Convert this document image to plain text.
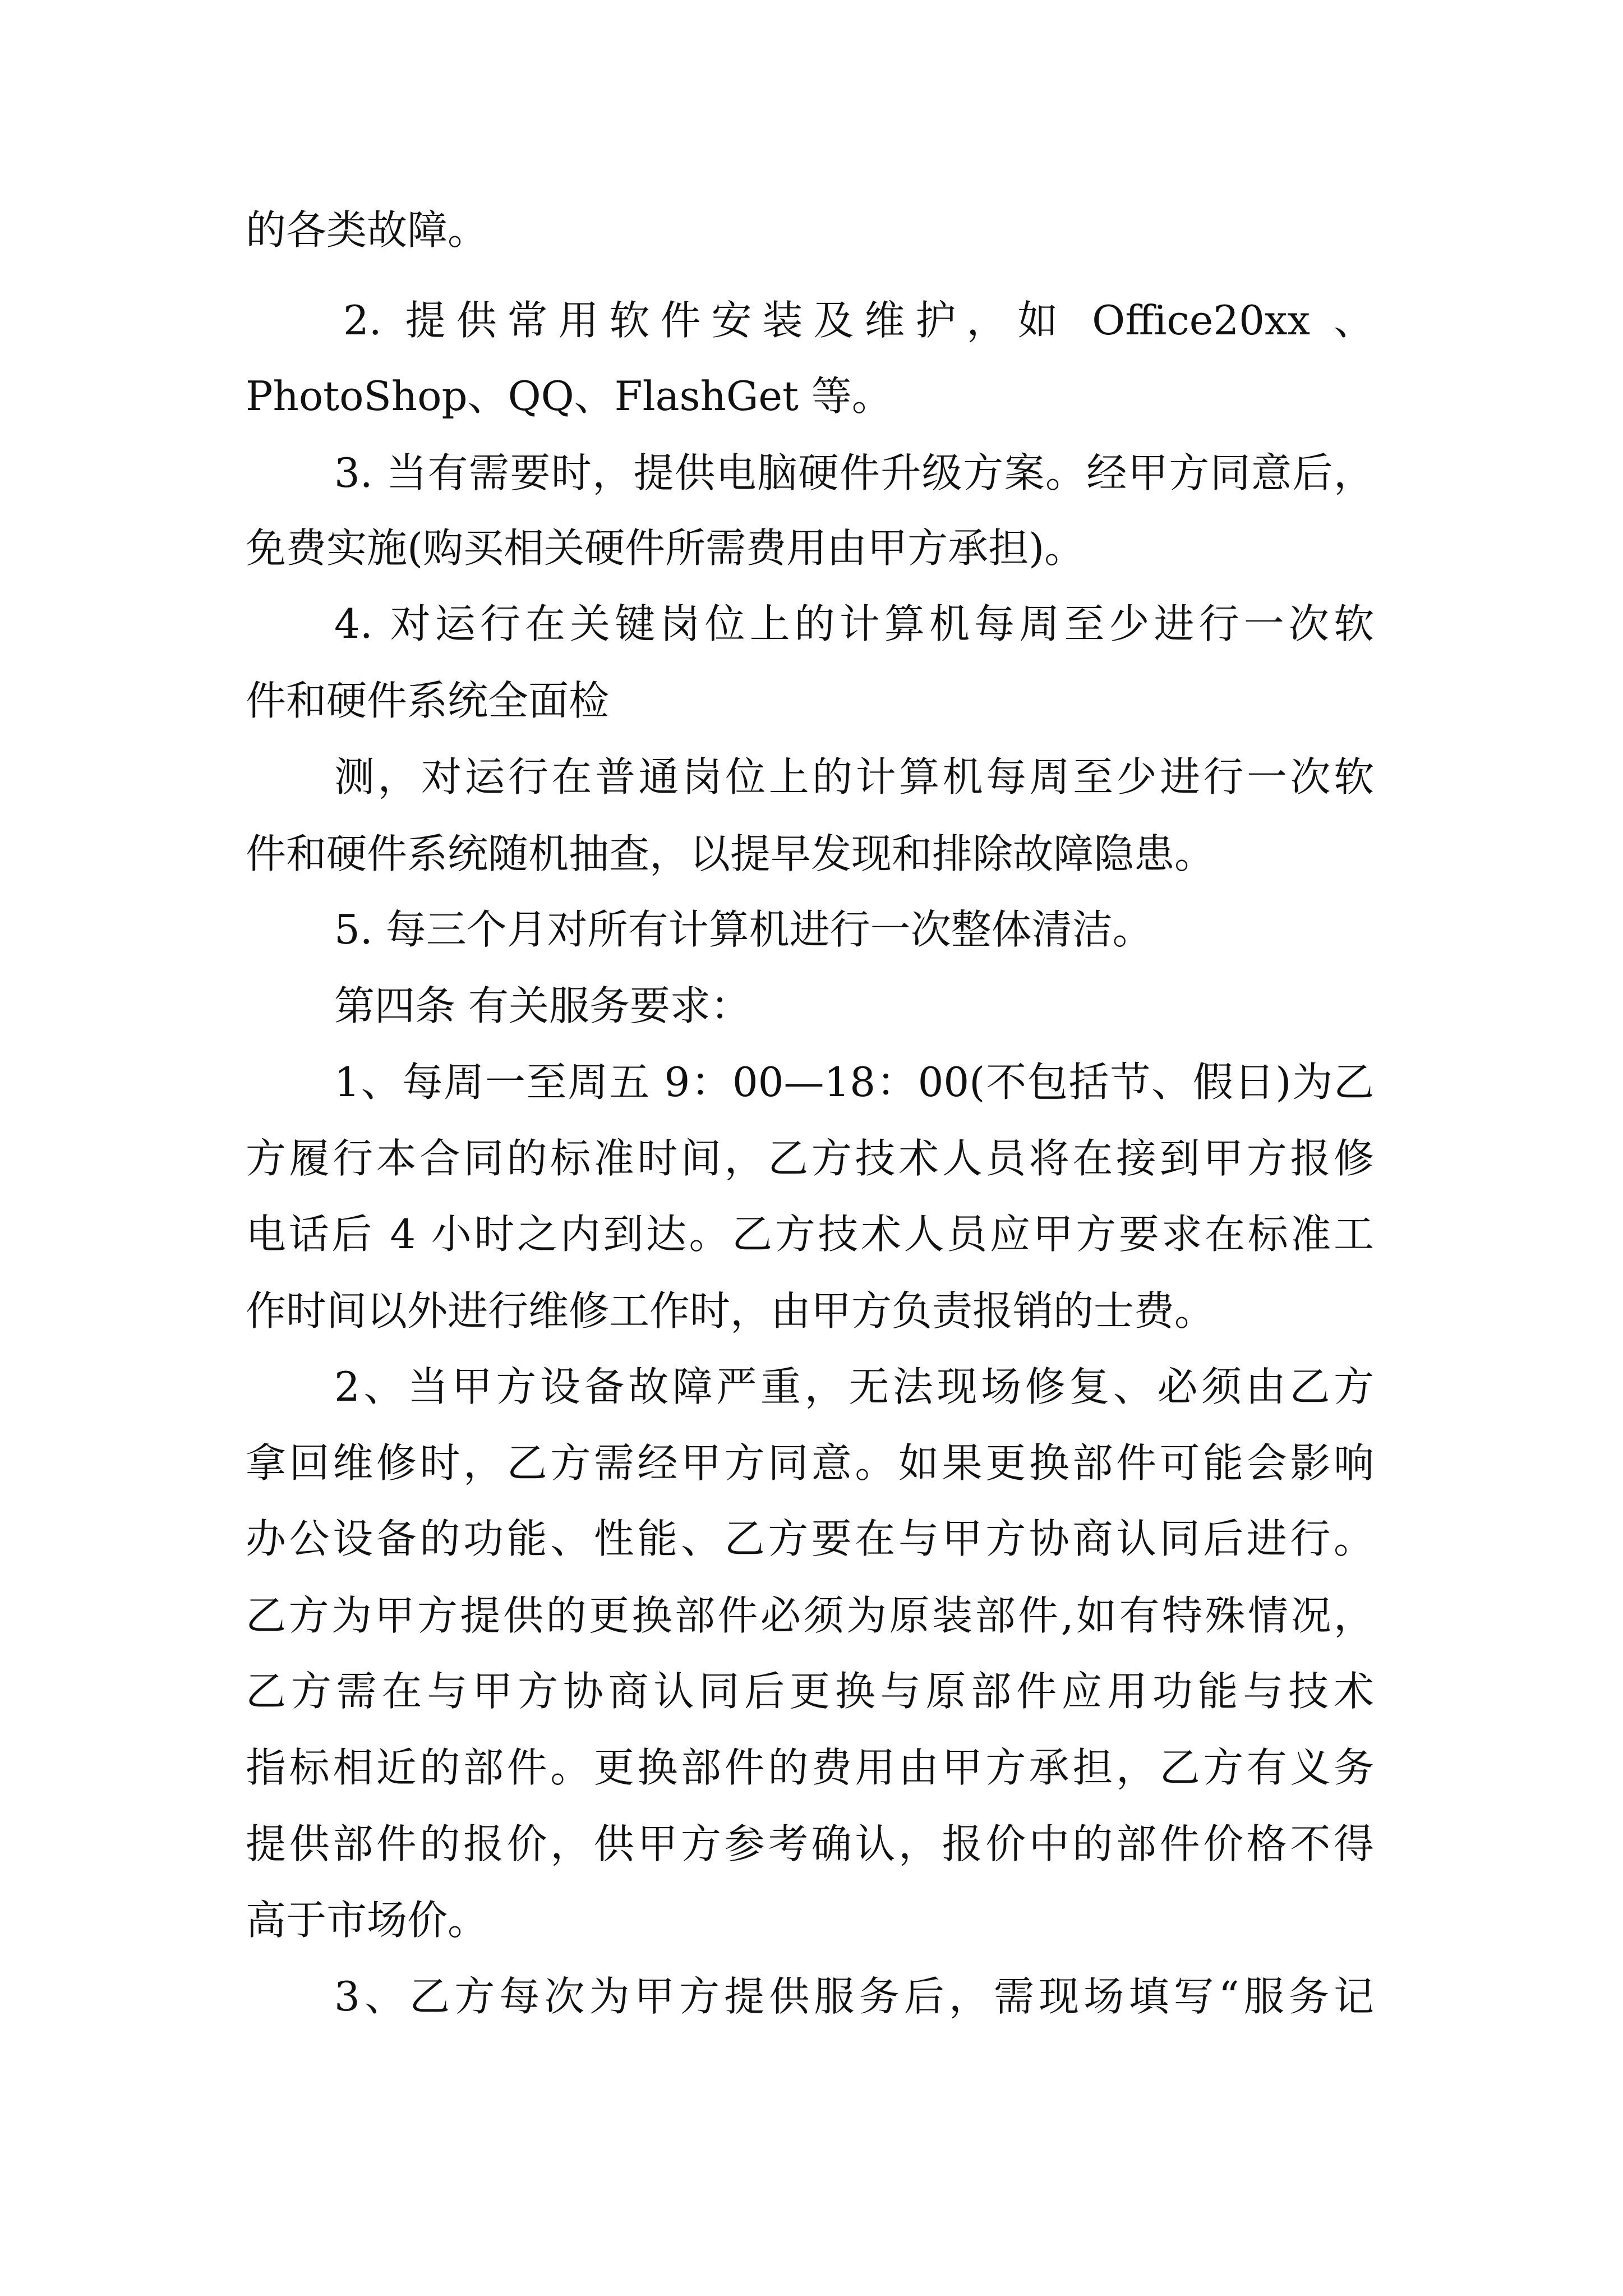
的各类故障。
2. 提供常用软件安装及维护，如 Office20xx 、
PhotoShop、QQ、FlashGet 等。
3. 当有需要时，提供电脑硬件升级方案。经甲方同意后，
免费实施(购买相关硬件所需费用由甲方承担)。
4. 对运行在关键岗位上的计算机每周至少进行一次软
件和硬件系统全面检
测，对运行在普通岗位上的计算机每周至少进行一次软
件和硬件系统随机抽查，以提早发现和排除故障隐患。
5. 每三个月对所有计算机进行一次整体清洁。
第四条 有关服务要求：
1、每周一至周五 9：00—18：00(不包括节、假日)为乙
方履行本合同的标准时间，乙方技术人员将在接到甲方报修
电话后 4 小时之内到达。乙方技术人员应甲方要求在标准工
作时间以外进行维修工作时，由甲方负责报销的士费。
2、当甲方设备故障严重，无法现场修复、必须由乙方
拿回维修时，乙方需经甲方同意。如果更换部件可能会影响
办公设备的功能、性能、乙方要在与甲方协商认同后进行。
乙方为甲方提供的更换部件必须为原装部件,如有特殊情况，
乙方需在与甲方协商认同后更换与原部件应用功能与技术
指标相近的部件。更换部件的费用由甲方承担，乙方有义务
提供部件的报价，供甲方参考确认，报价中的部件价格不得
高于市场价。
3、乙方每次为甲方提供服务后，需现场填写“服务记
